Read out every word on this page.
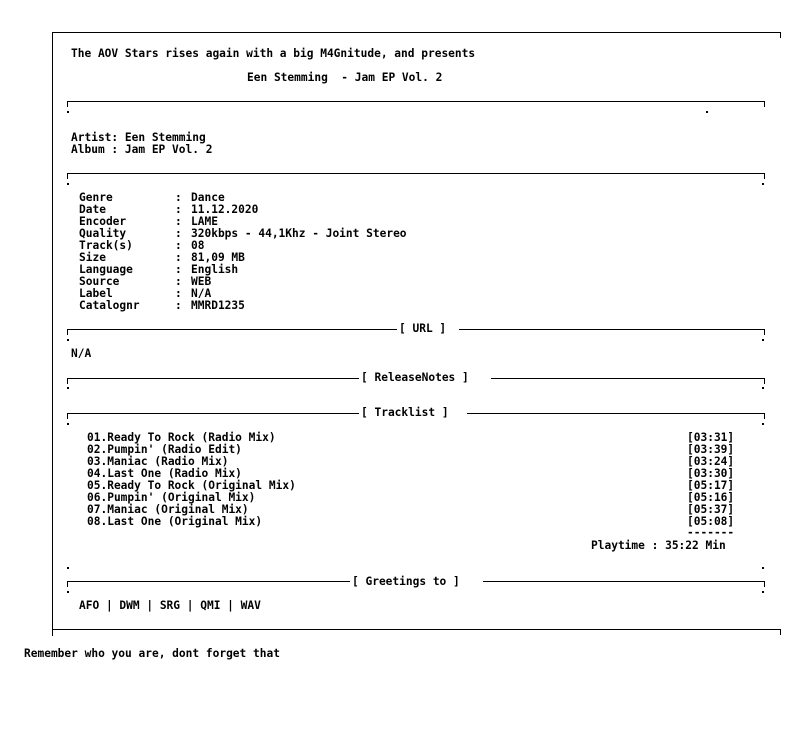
The AOV Stars rises again with a big M4Gnitude, and presents
Een Stemming  - Jam EP Vol. 2
Artist: Een Stemming
Album : Jam EP Vol. 2
Genre	: Dance
Date	: 11.12.2020
Encoder	: LAME
Quality	: 320kbps - 44,1Khz - Joint Stereo
Track(s)	: 08
Size	: 81,09 MB
Language	: English
Source	: WEB
Label	: N/A
Catalognr	: MMRD1235
[ URL ]
N/A
[ ReleaseNotes ]
[ Tracklist ]
01.Ready To Rock (Radio Mix)	[03:31]
02.Pumpin' (Radio Edit)	[03:39]
03.Maniac (Radio Mix)	[03:24]
04.Last One (Radio Mix)	[03:30]
05.Ready To Rock (Original Mix)	[05:17]
06.Pumpin' (Original Mix)	[05:16]
07.Maniac (Original Mix)	[05:37]
08.Last One (Original Mix)	[05:08]
-------
Playtime : 35:22 Min
[ Greetings to ]
AFO | DWM | SRG | QMI | WAV
Remember who you are, dont forget that
